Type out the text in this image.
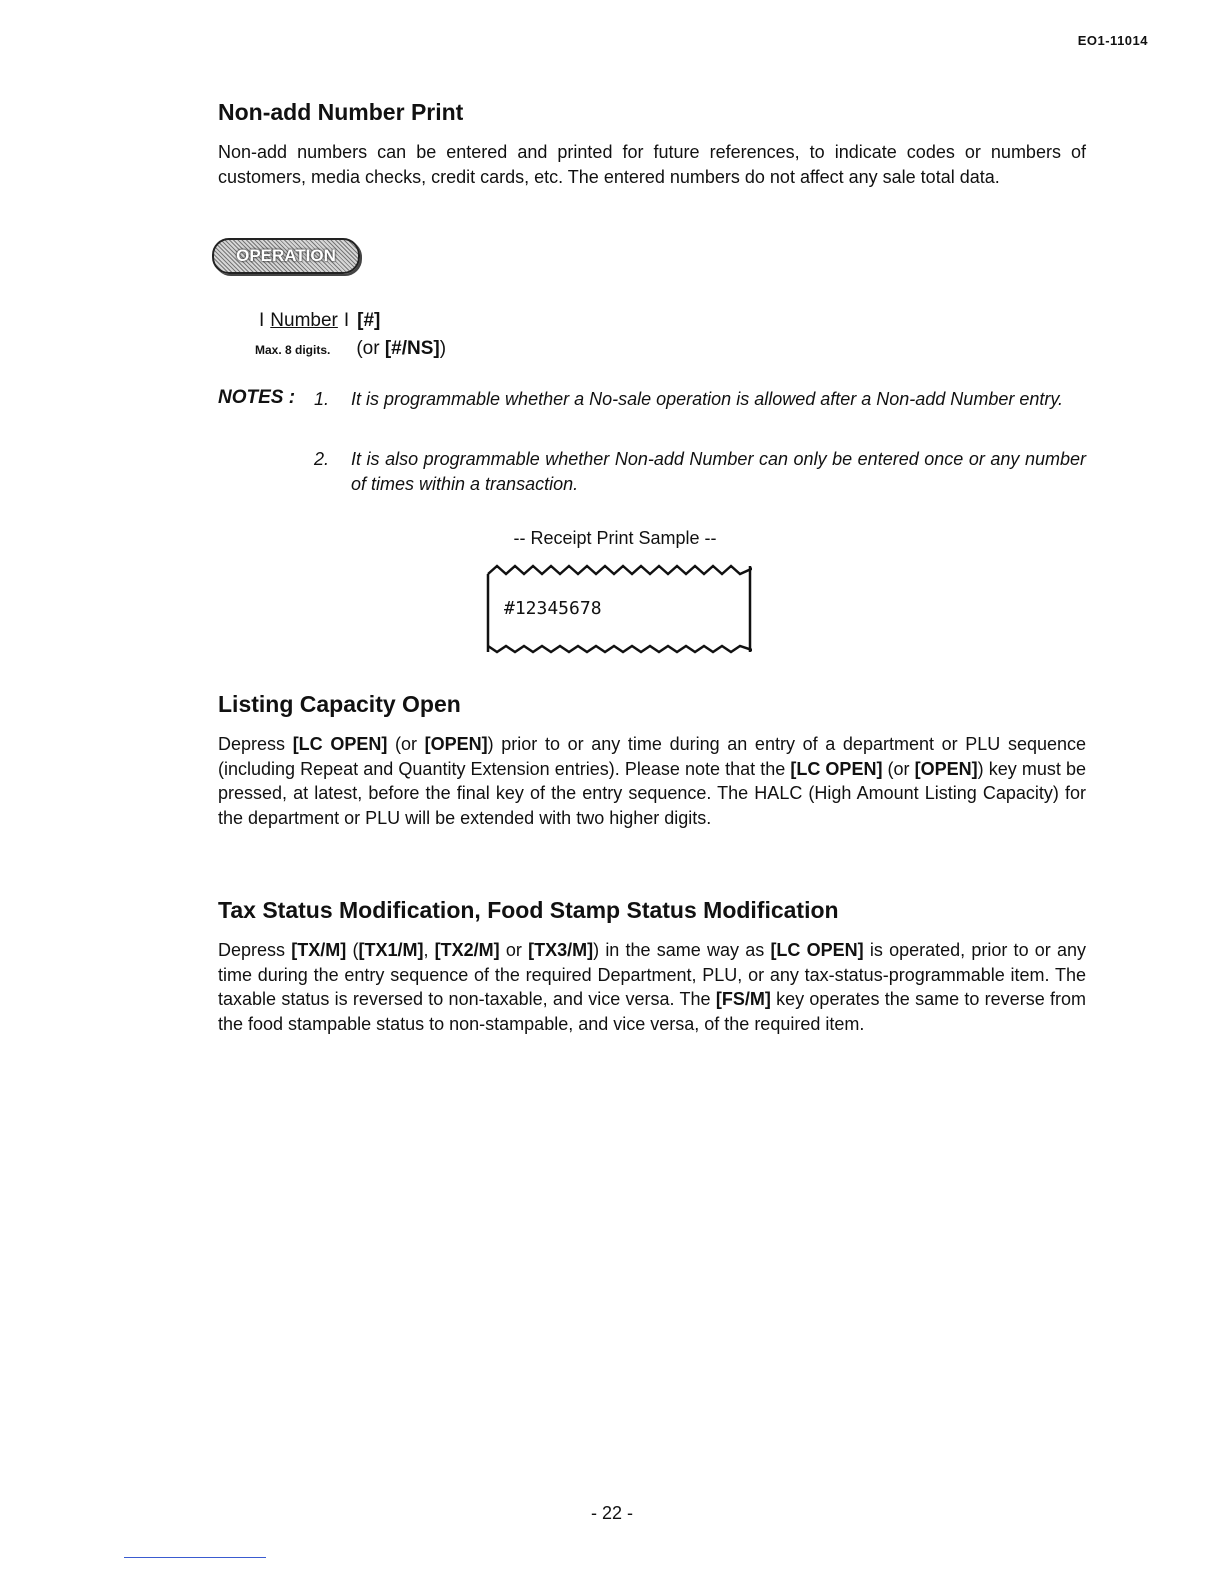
EO1-11014
Non-add Number Print

Non-add numbers can be entered and printed for future references, to indicate codes or numbers of customers, media checks, credit cards, etc. The entered numbers do not affect any sale total data.

OPERATION
I Number I [#]
Max. 8 digits. (or [#/NS])
NOTES : 1. It is programmable whether a No-sale operation is allowed after a Non-add Number entry.
2. It is also programmable whether Non-add Number can only be entered once or any number of times within a transaction.
-- Receipt Print Sample --
#12345678
Listing Capacity Open

Depress [LC OPEN] (or [OPEN]) prior to or any time during an entry of a department or PLU sequence (including Repeat and Quantity Extension entries). Please note that the [LC OPEN] (or [OPEN]) key must be pressed, at latest, before the final key of the entry sequence. The HALC (High Amount Listing Capacity) for the department or PLU will be extended with two higher digits.

Tax Status Modification, Food Stamp Status Modification

Depress [TX/M] ([TX1/M], [TX2/M] or [TX3/M]) in the same way as [LC OPEN] is operated, prior to or any time during the entry sequence of the required Department, PLU, or any tax-status-programmable item. The taxable status is reversed to non-taxable, and vice versa. The [FS/M] key operates the same to reverse from the food stampable status to non-stampable, and vice versa, of the required item.

- 22 -
